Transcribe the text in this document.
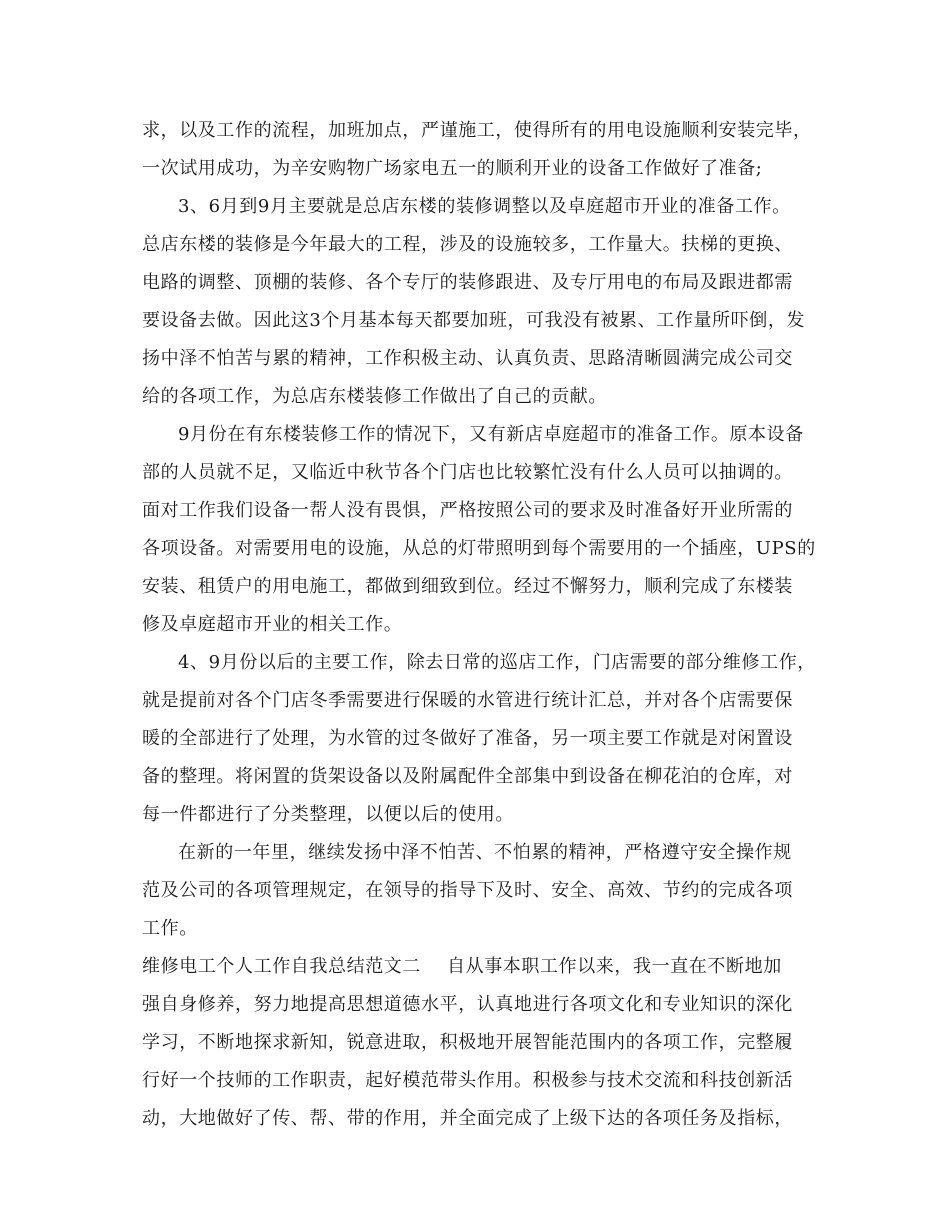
求，以及工作的流程，加班加点，严谨施工，使得所有的用电设施顺利安装完毕，
一次试用成功，为辛安购物广场家电五一的顺利开业的设备工作做好了准备;
3、6月到9月主要就是总店东楼的装修调整以及卓庭超市开业的准备工作。
总店东楼的装修是今年最大的工程，涉及的设施较多，工作量大。扶梯的更换、
电路的调整、顶棚的装修、各个专厅的装修跟进、及专厅用电的布局及跟进都需
要设备去做。因此这3个月基本每天都要加班，可我没有被累、工作量所吓倒，发
扬中泽不怕苦与累的精神，工作积极主动、认真负责、思路清晰圆满完成公司交
给的各项工作，为总店东楼装修工作做出了自己的贡献。
9月份在有东楼装修工作的情况下，又有新店卓庭超市的准备工作。原本设备
部的人员就不足，又临近中秋节各个门店也比较繁忙没有什么人员可以抽调的。
面对工作我们设备一帮人没有畏惧，严格按照公司的要求及时准备好开业所需的
各项设备。对需要用电的设施，从总的灯带照明到每个需要用的一个插座，UPS的
安装、租赁户的用电施工，都做到细致到位。经过不懈努力，顺利完成了东楼装
修及卓庭超市开业的相关工作。
4、9月份以后的主要工作，除去日常的巡店工作，门店需要的部分维修工作，
就是提前对各个门店冬季需要进行保暖的水管进行统计汇总，并对各个店需要保
暖的全部进行了处理，为水管的过冬做好了准备，另一项主要工作就是对闲置设
备的整理。将闲置的货架设备以及附属配件全部集中到设备在柳花泊的仓库，对
每一件都进行了分类整理，以便以后的使用。
在新的一年里，继续发扬中泽不怕苦、不怕累的精神，严格遵守安全操作规
范及公司的各项管理规定，在领导的指导下及时、安全、高效、节约的完成各项
工作。
维修电工个人工作自我总结范文二 自从事本职工作以来，我一直在不断地加
强自身修养，努力地提高思想道德水平，认真地进行各项文化和专业知识的深化
学习，不断地探求新知，锐意进取，积极地开展智能范围内的各项工作，完整履
行好一个技师的工作职责，起好模范带头作用。积极参与技术交流和科技创新活
动，大地做好了传、帮、带的作用，并全面完成了上级下达的各项任务及指标，
